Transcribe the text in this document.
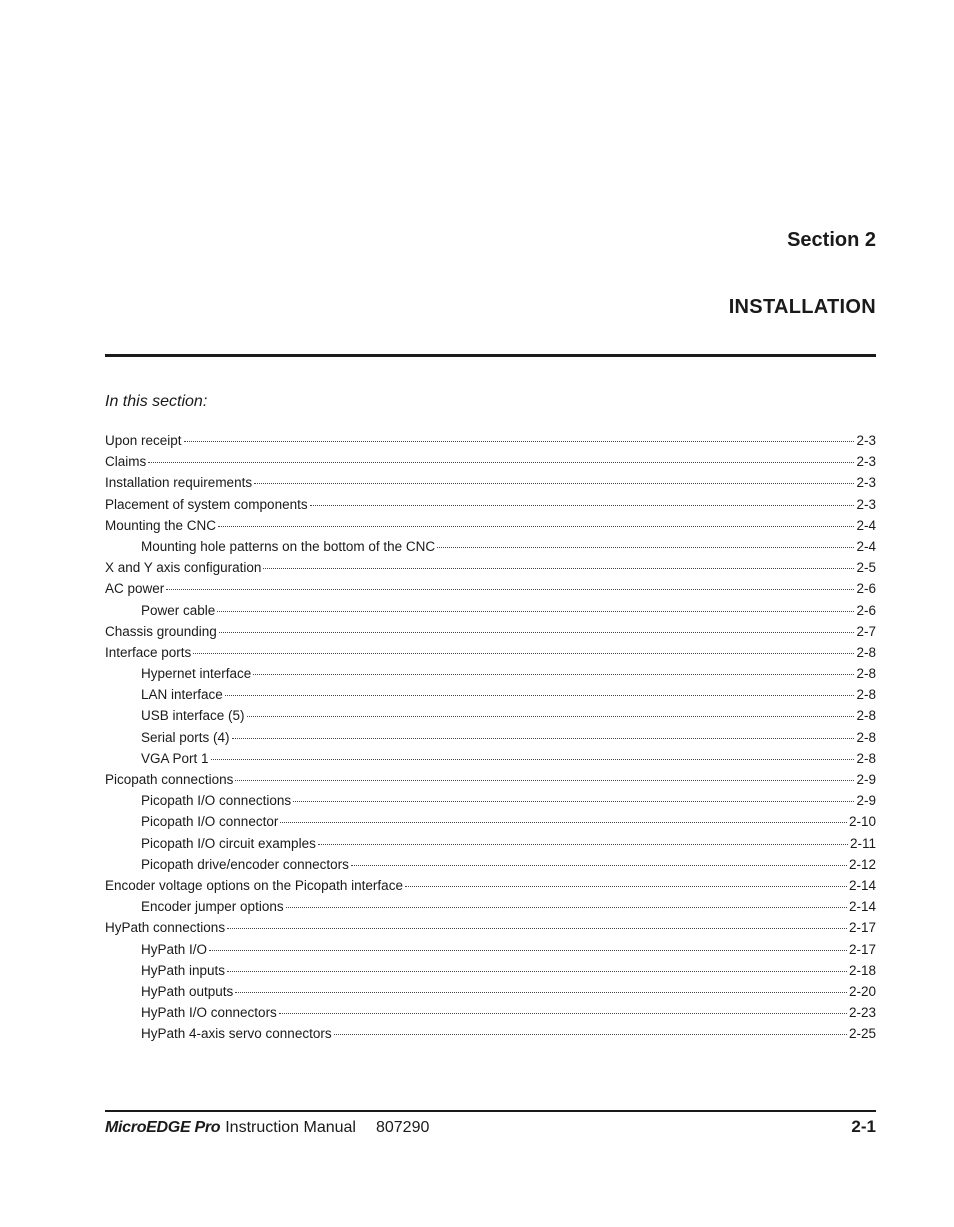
Section 2
INSTALLATION

In this section:

Upon receipt	2-3
Claims	2-3
Installation requirements	2-3
Placement of system components	2-3
Mounting the CNC	2-4
Mounting hole patterns on the bottom of the CNC	2-4
X and Y axis configuration	2-5
AC power	2-6
Power cable	2-6
Chassis grounding	2-7
Interface ports	2-8
Hypernet interface	2-8
LAN interface	2-8
USB interface (5)	2-8
Serial ports (4)	2-8
VGA Port 1	2-8
Picopath connections	2-9
Picopath I/O connections	2-9
Picopath I/O connector	2-10
Picopath I/O circuit examples	2-11
Picopath drive/encoder connectors	2-12
Encoder voltage options on the Picopath interface	2-14
Encoder jumper options	2-14
HyPath connections	2-17
HyPath I/O	2-17
HyPath inputs	2-18
HyPath outputs	2-20
HyPath I/O connectors	2-23
HyPath 4-axis servo connectors	2-25
MicroEDGE Pro Instruction Manual 807290	2-1
